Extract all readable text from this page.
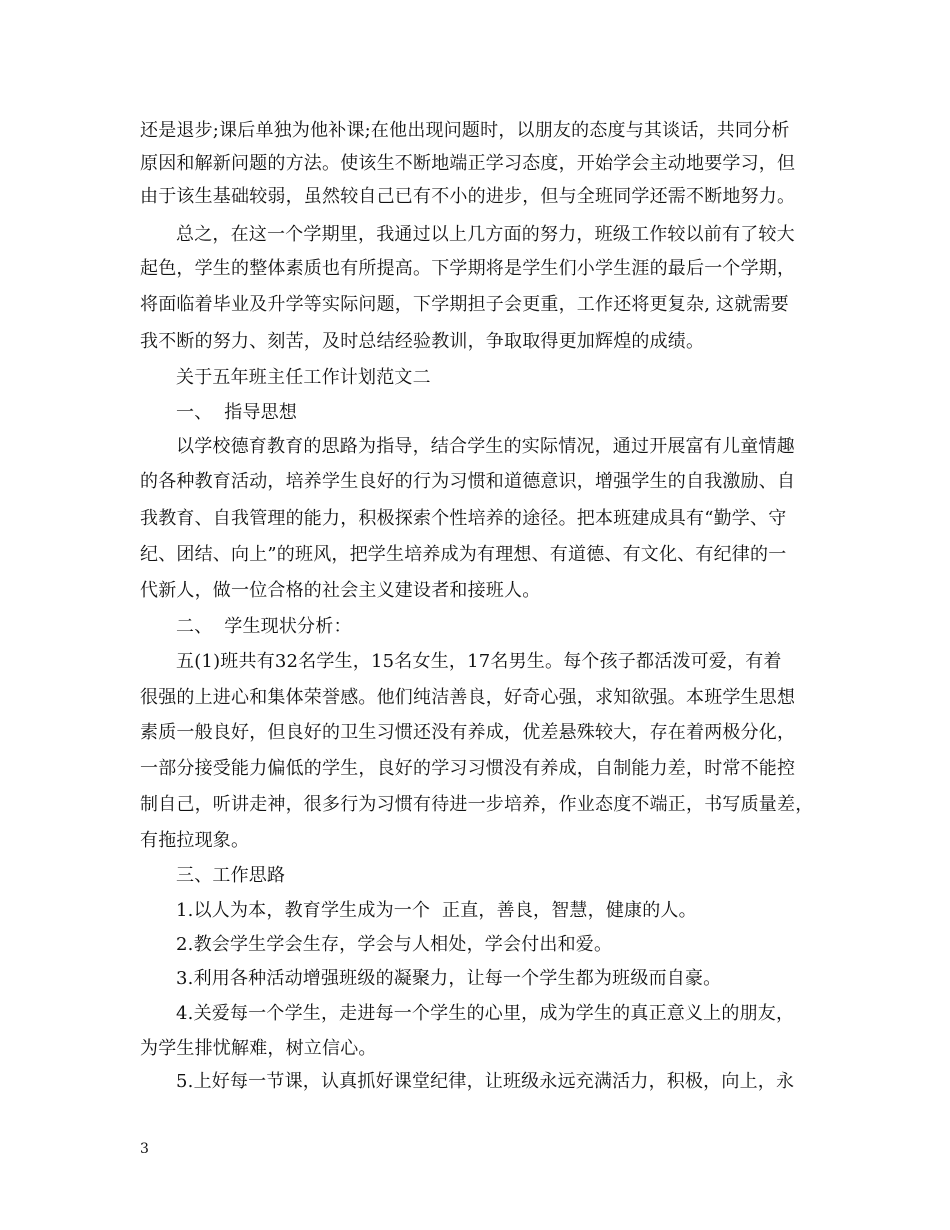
还是退步;课后单独为他补课;在他出现问题时，以朋友的态度与其谈话，共同分析
原因和解新问题的方法。使该生不断地端正学习态度，开始学会主动地要学习，但
由于该生基础较弱，虽然较自己已有不小的进步，但与全班同学还需不断地努力。
总之，在这一个学期里，我通过以上几方面的努力，班级工作较以前有了较大
起色，学生的整体素质也有所提高。下学期将是学生们小学生涯的最后一个学期，
将面临着毕业及升学等实际问题，下学期担子会更重，工作还将更复杂, 这就需要
我不断的努力、刻苦，及时总结经验教训，争取取得更加辉煌的成绩。
关于五年班主任工作计划范文二
一、  指导思想
以学校德育教育的思路为指导，结合学生的实际情况，通过开展富有儿童情趣
的各种教育活动，培养学生良好的行为习惯和道德意识，增强学生的自我激励、自
我教育、自我管理的能力，积极探索个性培养的途径。把本班建成具有“勤学、守
纪、团结、向上”的班风，把学生培养成为有理想、有道德、有文化、有纪律的一
代新人，做一位合格的社会主义建设者和接班人。
二、  学生现状分析：
五(1)班共有32名学生，15名女生，17名男生。每个孩子都活泼可爱，有着
很强的上进心和集体荣誉感。他们纯洁善良，好奇心强，求知欲强。本班学生思想
素质一般良好，但良好的卫生习惯还没有养成，优差悬殊较大，存在着两极分化，
一部分接受能力偏低的学生，良好的学习习惯没有养成，自制能力差，时常不能控
制自己，听讲走神，很多行为习惯有待进一步培养，作业态度不端正，书写质量差，
有拖拉现象。
三、工作思路
1.以人为本，教育学生成为一个  正直，善良，智慧，健康的人。
2.教会学生学会生存，学会与人相处，学会付出和爱。
3.利用各种活动增强班级的凝聚力，让每一个学生都为班级而自豪。
4.关爱每一个学生，走进每一个学生的心里，成为学生的真正意义上的朋友，
为学生排忧解难，树立信心。
5.上好每一节课，认真抓好课堂纪律，让班级永远充满活力，积极，向上，永
3
